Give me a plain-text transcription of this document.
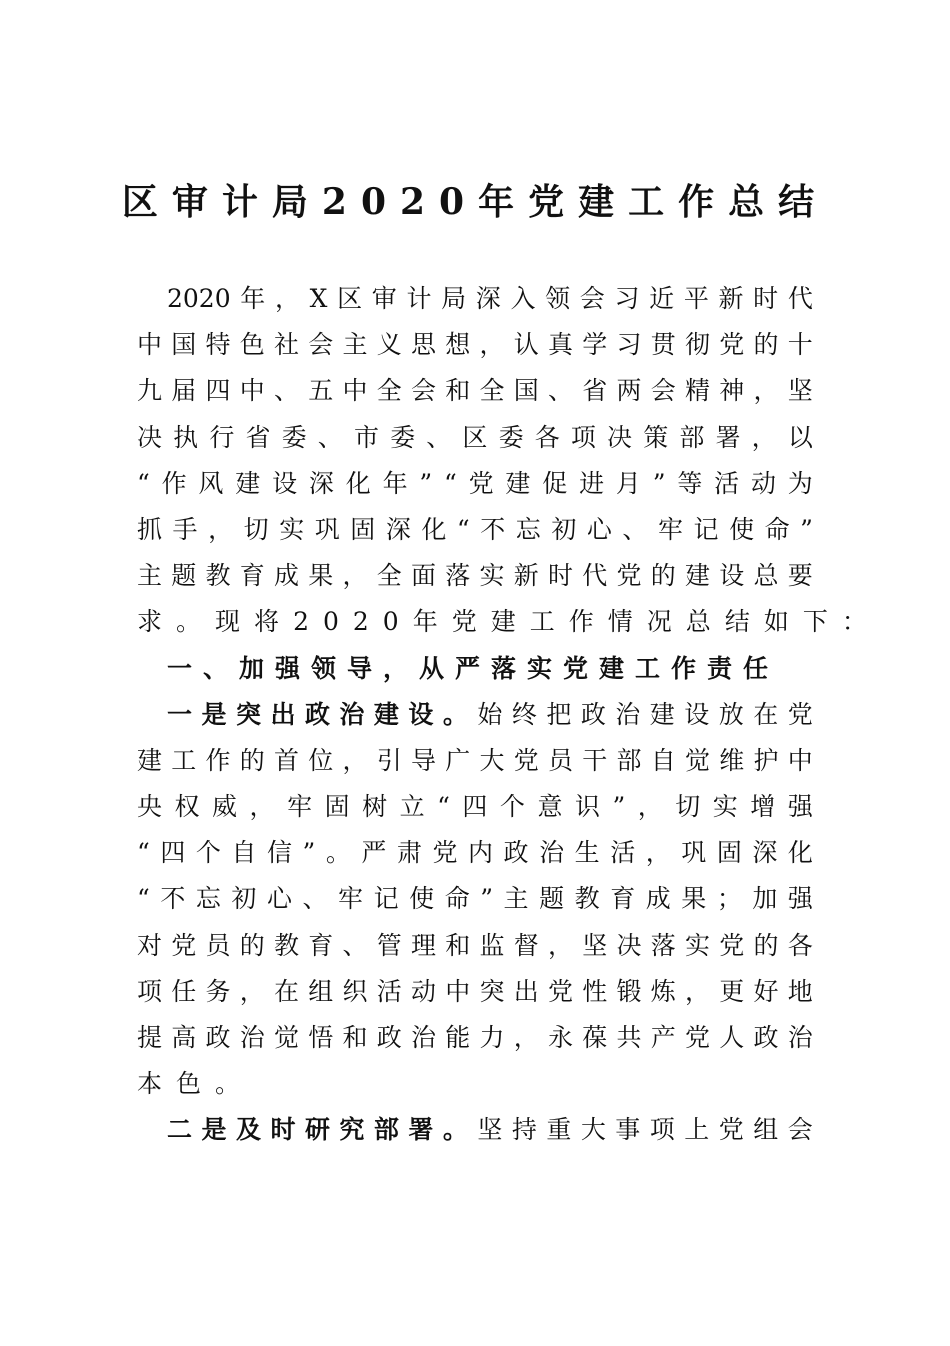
区审计局2020年党建工作总结
2020 年 ， X 区 审 计 局 深 入 领 会 习 近 平 新 时 代
中 国 特 色 社 会 主 义 思 想 ， 认 真 学 习 贯 彻 党 的 十
九 届 四 中 、 五 中 全 会 和 全 国 、 省 两 会 精 神 ， 坚
决 执 行 省 委 、 市 委 、 区 委 各 项 决 策 部 署 ， 以
“ 作 风 建 设 深 化 年 ” “ 党 建 促 进 月 ” 等 活 动 为
抓 手 ， 切 实 巩 固 深 化 “ 不 忘 初 心 、 牢 记 使 命 ”
主 题 教 育 成 果 ， 全 面 落 实 新 时 代 党 的 建 设 总 要
求 。 现 将 2020 年 党 建 工 作 情 况 总 结 如 下 ：
一、加强领导，从严落实党建工作责任
一 是 突 出 政 治 建 设 。 始 终 把 政 治 建 设 放 在 党
建 工 作 的 首 位 ， 引 导 广 大 党 员 干 部 自 觉 维 护 中
央 权 威 ， 牢 固 树 立 “ 四 个 意 识 ” ， 切 实 增 强
“ 四 个 自 信 ” 。 严 肃 党 内 政 治 生 活 ， 巩 固 深 化
“ 不 忘 初 心 、 牢 记 使 命 ” 主 题 教 育 成 果 ； 加 强
对 党 员 的 教 育 、 管 理 和 监 督 ， 坚 决 落 实 党 的 各
项 任 务 ， 在 组 织 活 动 中 突 出 党 性 锻 炼 ， 更 好 地
提 高 政 治 觉 悟 和 政 治 能 力 ， 永 葆 共 产 党 人 政 治
本 色 。
二 是 及 时 研 究 部 署 。 坚 持 重 大 事 项 上 党 组 会
